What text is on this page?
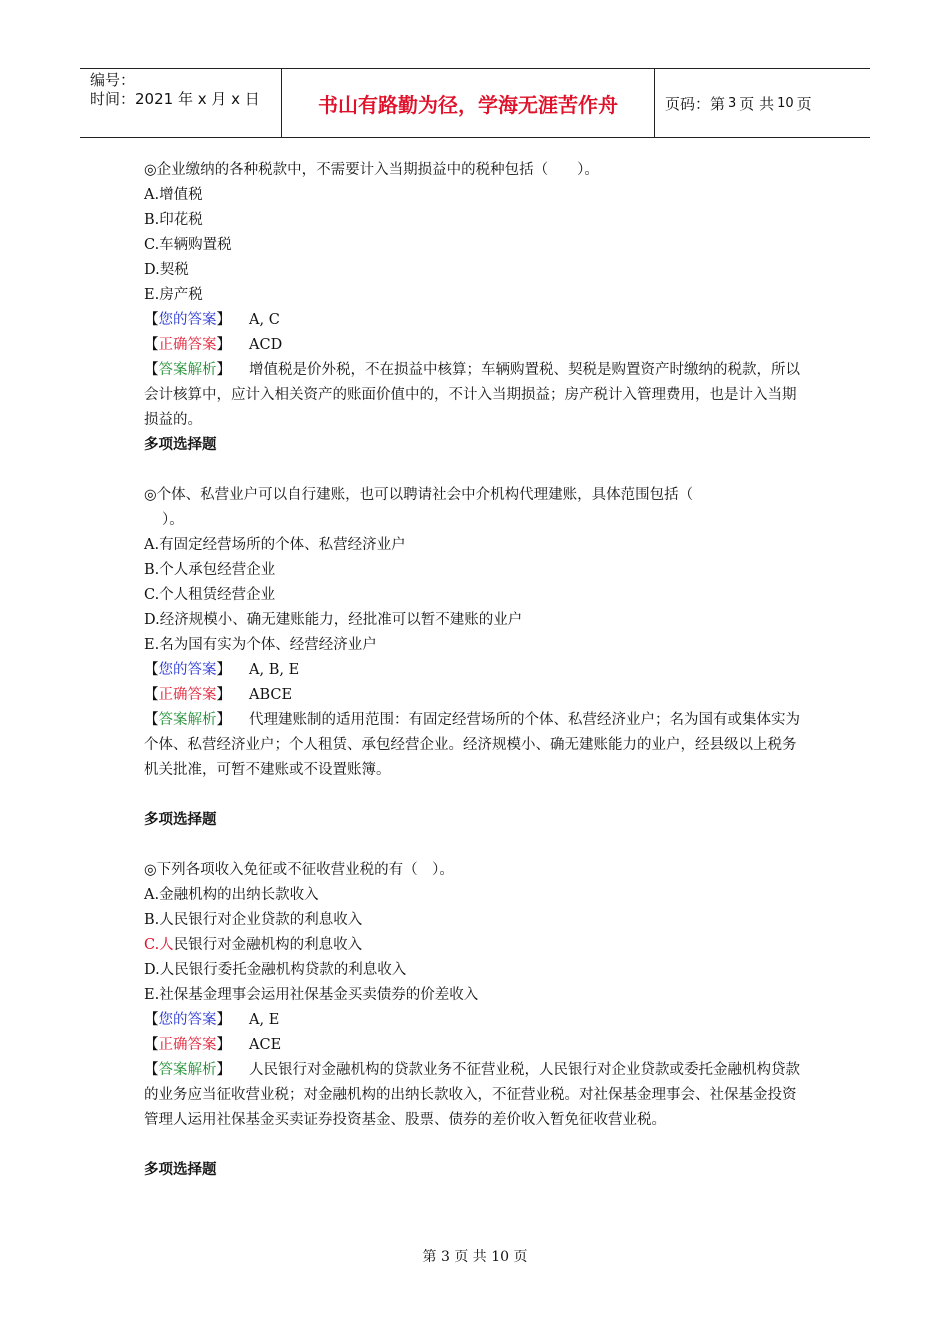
编号：
时间：2021 年 x 月 x 日	书山有路勤为径，学海无涯苦作舟	页码：第 3 页 共 10 页
◎企业缴纳的各种税款中，不需要计入当期损益中的税种包括（　　）。
A.增值税
B.印花税
C.车辆购置税
D.契税
E.房产税
【您的答案】 A, C
【正确答案】 ACD
【答案解析】 增值税是价外税，不在损益中核算；车辆购置税、契税是购置资产时缴纳的税款，所以会计核算中，应计入相关资产的账面价值中的，不计入当期损益；房产税计入管理费用，也是计入当期损益的。
多项选择题
◎个体、私营业户可以自行建账，也可以聘请社会中介机构代理建账，具体范围包括（
）。
A.有固定经营场所的个体、私营经济业户
B.个人承包经营企业
C.个人租赁经营企业
D.经济规模小、确无建账能力，经批准可以暂不建账的业户
E.名为国有实为个体、经营经济业户
【您的答案】 A, B, E
【正确答案】 ABCE
【答案解析】 代理建账制的适用范围：有固定经营场所的个体、私营经济业户；名为国有或集体实为个体、私营经济业户；个人租赁、承包经营企业。经济规模小、确无建账能力的业户，经县级以上税务机关批准，可暂不建账或不设置账簿。
多项选择题
◎下列各项收入免征或不征收营业税的有（　）。
A.金融机构的出纳长款收入
B.人民银行对企业贷款的利息收入
C.人民银行对金融机构的利息收入
D.人民银行委托金融机构贷款的利息收入
E.社保基金理事会运用社保基金买卖债券的价差收入
【您的答案】 A, E
【正确答案】 ACE
【答案解析】 人民银行对金融机构的贷款业务不征营业税，人民银行对企业贷款或委托金融机构贷款的业务应当征收营业税；对金融机构的出纳长款收入，不征营业税。对社保基金理事会、社保基金投资管理人运用社保基金买卖证券投资基金、股票、债券的差价收入暂免征收营业税。
多项选择题
第 3 页 共 10 页
